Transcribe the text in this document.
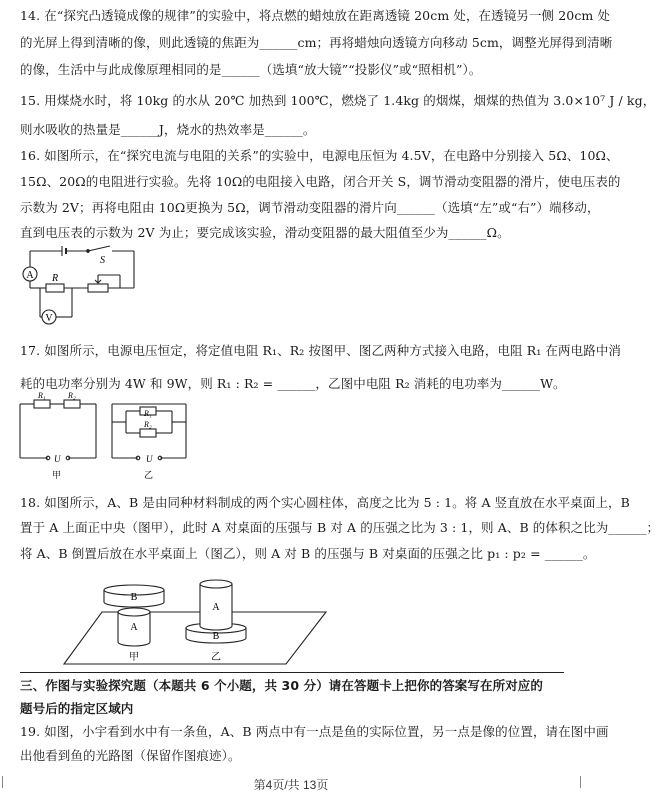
14. 在“探究凸透镜成像的规律”的实验中，将点燃的蜡烛放在距离透镜 20cm 处，在透镜另一侧 20cm 处
的光屏上得到清晰的像，则此透镜的焦距为______cm；再将蜡烛向透镜方向移动 5cm，调整光屏得到清晰
的像，生活中与此成像原理相同的是______（选填“放大镜”“投影仪”或“照相机”）。
15. 用煤烧水时，将 10kg 的水从 20℃ 加热到 100℃，燃烧了 1.4kg 的烟煤，烟煤的热值为 3.0×10⁷ J / kg，
则水吸收的热量是______J，烧水的热效率是______。
16. 如图所示，在“探究电流与电阻的关系”的实验中，电源电压恒为 4.5V，在电路中分别接入 5Ω、10Ω、
15Ω、20Ω的电阻进行实验。先将 10Ω的电阻接入电路，闭合开关 S，调节滑动变阻器的滑片，使电压表的
示数为 2V；再将电阻由 10Ω更换为 5Ω，调节滑动变阻器的滑片向______（选填“左”或“右”）端移动，
直到电压表的示数为 2V 为止；要完成该实验，滑动变阻器的最大阻值至少为______Ω。
A
V
S
R
17. 如图所示，电源电压恒定，将定值电阻 R₁、R₂ 按图甲、图乙两种方式接入电路，电阻 R₁ 在两电路中消
耗的电功率分别为 4W 和 9W，则 R₁ : R₂ = ______，乙图中电阻 R₂ 消耗的电功率为______W。
R₁	R₂
U
甲
R₁
R₂
U
乙
18. 如图所示，A、B 是由同种材料制成的两个实心圆柱体，高度之比为 5 : 1。将 A 竖直放在水平桌面上，B
置于 A 上面正中央（图甲），此时 A 对桌面的压强与 B 对 A 的压强之比为 3 : 1，则 A、B 的体积之比为______；
将 A、B 倒置后放在水平桌面上（图乙），则 A 对 B 的压强与 B 对桌面的压强之比 p₁ : p₂ = ______。
B
A
A
B
甲	乙
三、作图与实验探究题（本题共 6 个小题，共 30 分）请在答题卡上把你的答案写在所对应的
题号后的指定区域内
19. 如图，小宇看到水中有一条鱼，A、B 两点中有一点是鱼的实际位置，另一点是像的位置，请在图中画
出他看到鱼的光路图（保留作图痕迹）。
第4页/共 13页
